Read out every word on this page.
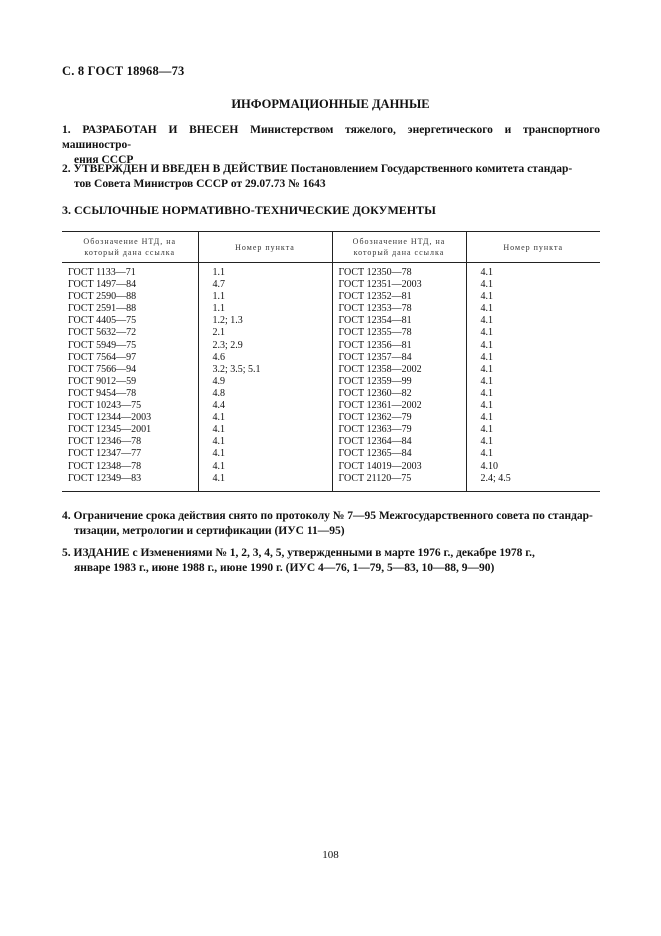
С. 8 ГОСТ 18968—73
ИНФОРМАЦИОННЫЕ ДАННЫЕ
1. РАЗРАБОТАН И ВНЕСЕН Министерством тяжелого, энергетического и транспортного машиностро-
ения СССР
2. УТВЕРЖДЕН И ВВЕДЕН В ДЕЙСТВИЕ Постановлением Государственного комитета стандар-
тов Совета Министров СССР от 29.07.73 № 1643
3. ССЫЛОЧНЫЕ НОРМАТИВНО-ТЕХНИЧЕСКИЕ ДОКУМЕНТЫ
Обозначение НТД, на который дана ссылка	Номер пункта	Обозначение НТД, на который дана ссылка	Номер пункта
ГОСТ 1133—71	1.1	ГОСТ 12350—78	4.1
ГОСТ 1497—84	4.7	ГОСТ 12351—2003	4.1
ГОСТ 2590—88	1.1	ГОСТ 12352—81	4.1
ГОСТ 2591—88	1.1	ГОСТ 12353—78	4.1
ГОСТ 4405—75	1.2; 1.3	ГОСТ 12354—81	4.1
ГОСТ 5632—72	2.1	ГОСТ 12355—78	4.1
ГОСТ 5949—75	2.3; 2.9	ГОСТ 12356—81	4.1
ГОСТ 7564—97	4.6	ГОСТ 12357—84	4.1
ГОСТ 7566—94	3.2; 3.5; 5.1	ГОСТ 12358—2002	4.1
ГОСТ 9012—59	4.9	ГОСТ 12359—99	4.1
ГОСТ 9454—78	4.8	ГОСТ 12360—82	4.1
ГОСТ 10243—75	4.4	ГОСТ 12361—2002	4.1
ГОСТ 12344—2003	4.1	ГОСТ 12362—79	4.1
ГОСТ 12345—2001	4.1	ГОСТ 12363—79	4.1
ГОСТ 12346—78	4.1	ГОСТ 12364—84	4.1
ГОСТ 12347—77	4.1	ГОСТ 12365—84	4.1
ГОСТ 12348—78	4.1	ГОСТ 14019—2003	4.10
ГОСТ 12349—83	4.1	ГОСТ 21120—75	2.4; 4.5
4. Ограничение срока действия снято по протоколу № 7—95 Межгосударственного совета по стандар-
тизации, метрологии и сертификации (ИУС 11—95)
5. ИЗДАНИЕ с Изменениями № 1, 2, 3, 4, 5, утвержденными в марте 1976 г., декабре 1978 г.,
январе 1983 г., июне 1988 г., июне 1990 г. (ИУС 4—76, 1—79, 5—83, 10—88, 9—90)
108
